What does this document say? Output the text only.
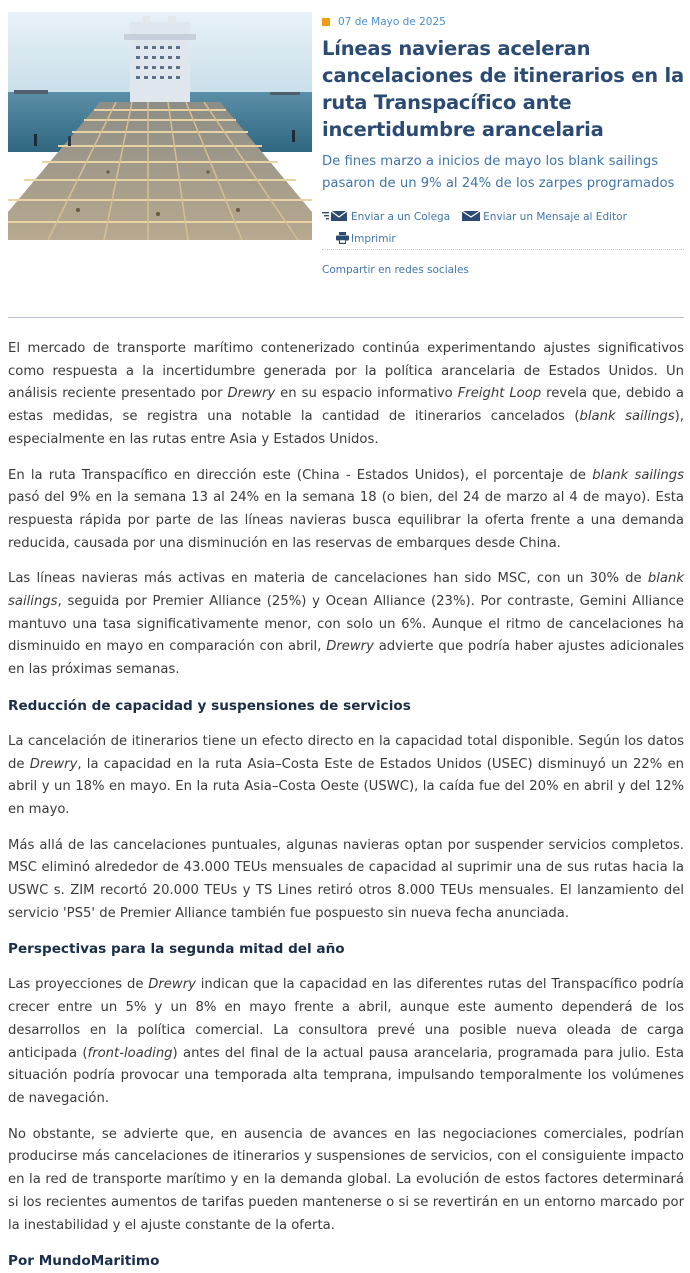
07 de Mayo de 2025
Líneas navieras aceleran cancelaciones de itinerarios en la ruta Transpacífico ante incertidumbre arancelaria

De fines marzo a inicios de mayo los blank sailings pasaron de un 9% al 24% de los zarpes programados

Enviar a un Colega	Enviar un Mensaje al Editor
Imprimir
Compartir en redes sociales

El mercado de transporte marítimo contenerizado continúa experimentando ajustes significativos como respuesta a la incertidumbre generada por la política arancelaria de Estados Unidos. Un análisis reciente presentado por Drewry en su espacio informativo Freight Loop revela que, debido a estas medidas, se registra una notable la cantidad de itinerarios cancelados (blank sailings), especialmente en las rutas entre Asia y Estados Unidos.

En la ruta Transpacífico en dirección este (China - Estados Unidos), el porcentaje de blank sailings pasó del 9% en la semana 13 al 24% en la semana 18 (o bien, del 24 de marzo al 4 de mayo). Esta respuesta rápida por parte de las líneas navieras busca equilibrar la oferta frente a una demanda reducida, causada por una disminución en las reservas de embarques desde China.

Las líneas navieras más activas en materia de cancelaciones han sido MSC, con un 30% de blank sailings, seguida por Premier Alliance (25%) y Ocean Alliance (23%). Por contraste, Gemini Alliance mantuvo una tasa significativamente menor, con solo un 6%. Aunque el ritmo de cancelaciones ha disminuido en mayo en comparación con abril, Drewry advierte que podría haber ajustes adicionales en las próximas semanas.

Reducción de capacidad y suspensiones de servicios

La cancelación de itinerarios tiene un efecto directo en la capacidad total disponible. Según los datos de Drewry, la capacidad en la ruta Asia–Costa Este de Estados Unidos (USEC) disminuyó un 22% en abril y un 18% en mayo. En la ruta Asia–Costa Oeste (USWC), la caída fue del 20% en abril y del 12% en mayo.

Más allá de las cancelaciones puntuales, algunas navieras optan por suspender servicios completos. MSC eliminó alrededor de 43.000 TEUs mensuales de capacidad al suprimir una de sus rutas hacia la USWC s. ZIM recortó 20.000 TEUs y TS Lines retiró otros 8.000 TEUs mensuales. El lanzamiento del servicio 'PS5' de Premier Alliance también fue pospuesto sin nueva fecha anunciada.

Perspectivas para la segunda mitad del año

Las proyecciones de Drewry indican que la capacidad en las diferentes rutas del Transpacífico podría crecer entre un 5% y un 8% en mayo frente a abril, aunque este aumento dependerá de los desarrollos en la política comercial. La consultora prevé una posible nueva oleada de carga anticipada (front-loading) antes del final de la actual pausa arancelaria, programada para julio. Esta situación podría provocar una temporada alta temprana, impulsando temporalmente los volúmenes de navegación.

No obstante, se advierte que, en ausencia de avances en las negociaciones comerciales, podrían producirse más cancelaciones de itinerarios y suspensiones de servicios, con el consiguiente impacto en la red de transporte marítimo y en la demanda global. La evolución de estos factores determinará si los recientes aumentos de tarifas pueden mantenerse o si se revertirán en un entorno marcado por la inestabilidad y el ajuste constante de la oferta.

Por MundoMaritimo
